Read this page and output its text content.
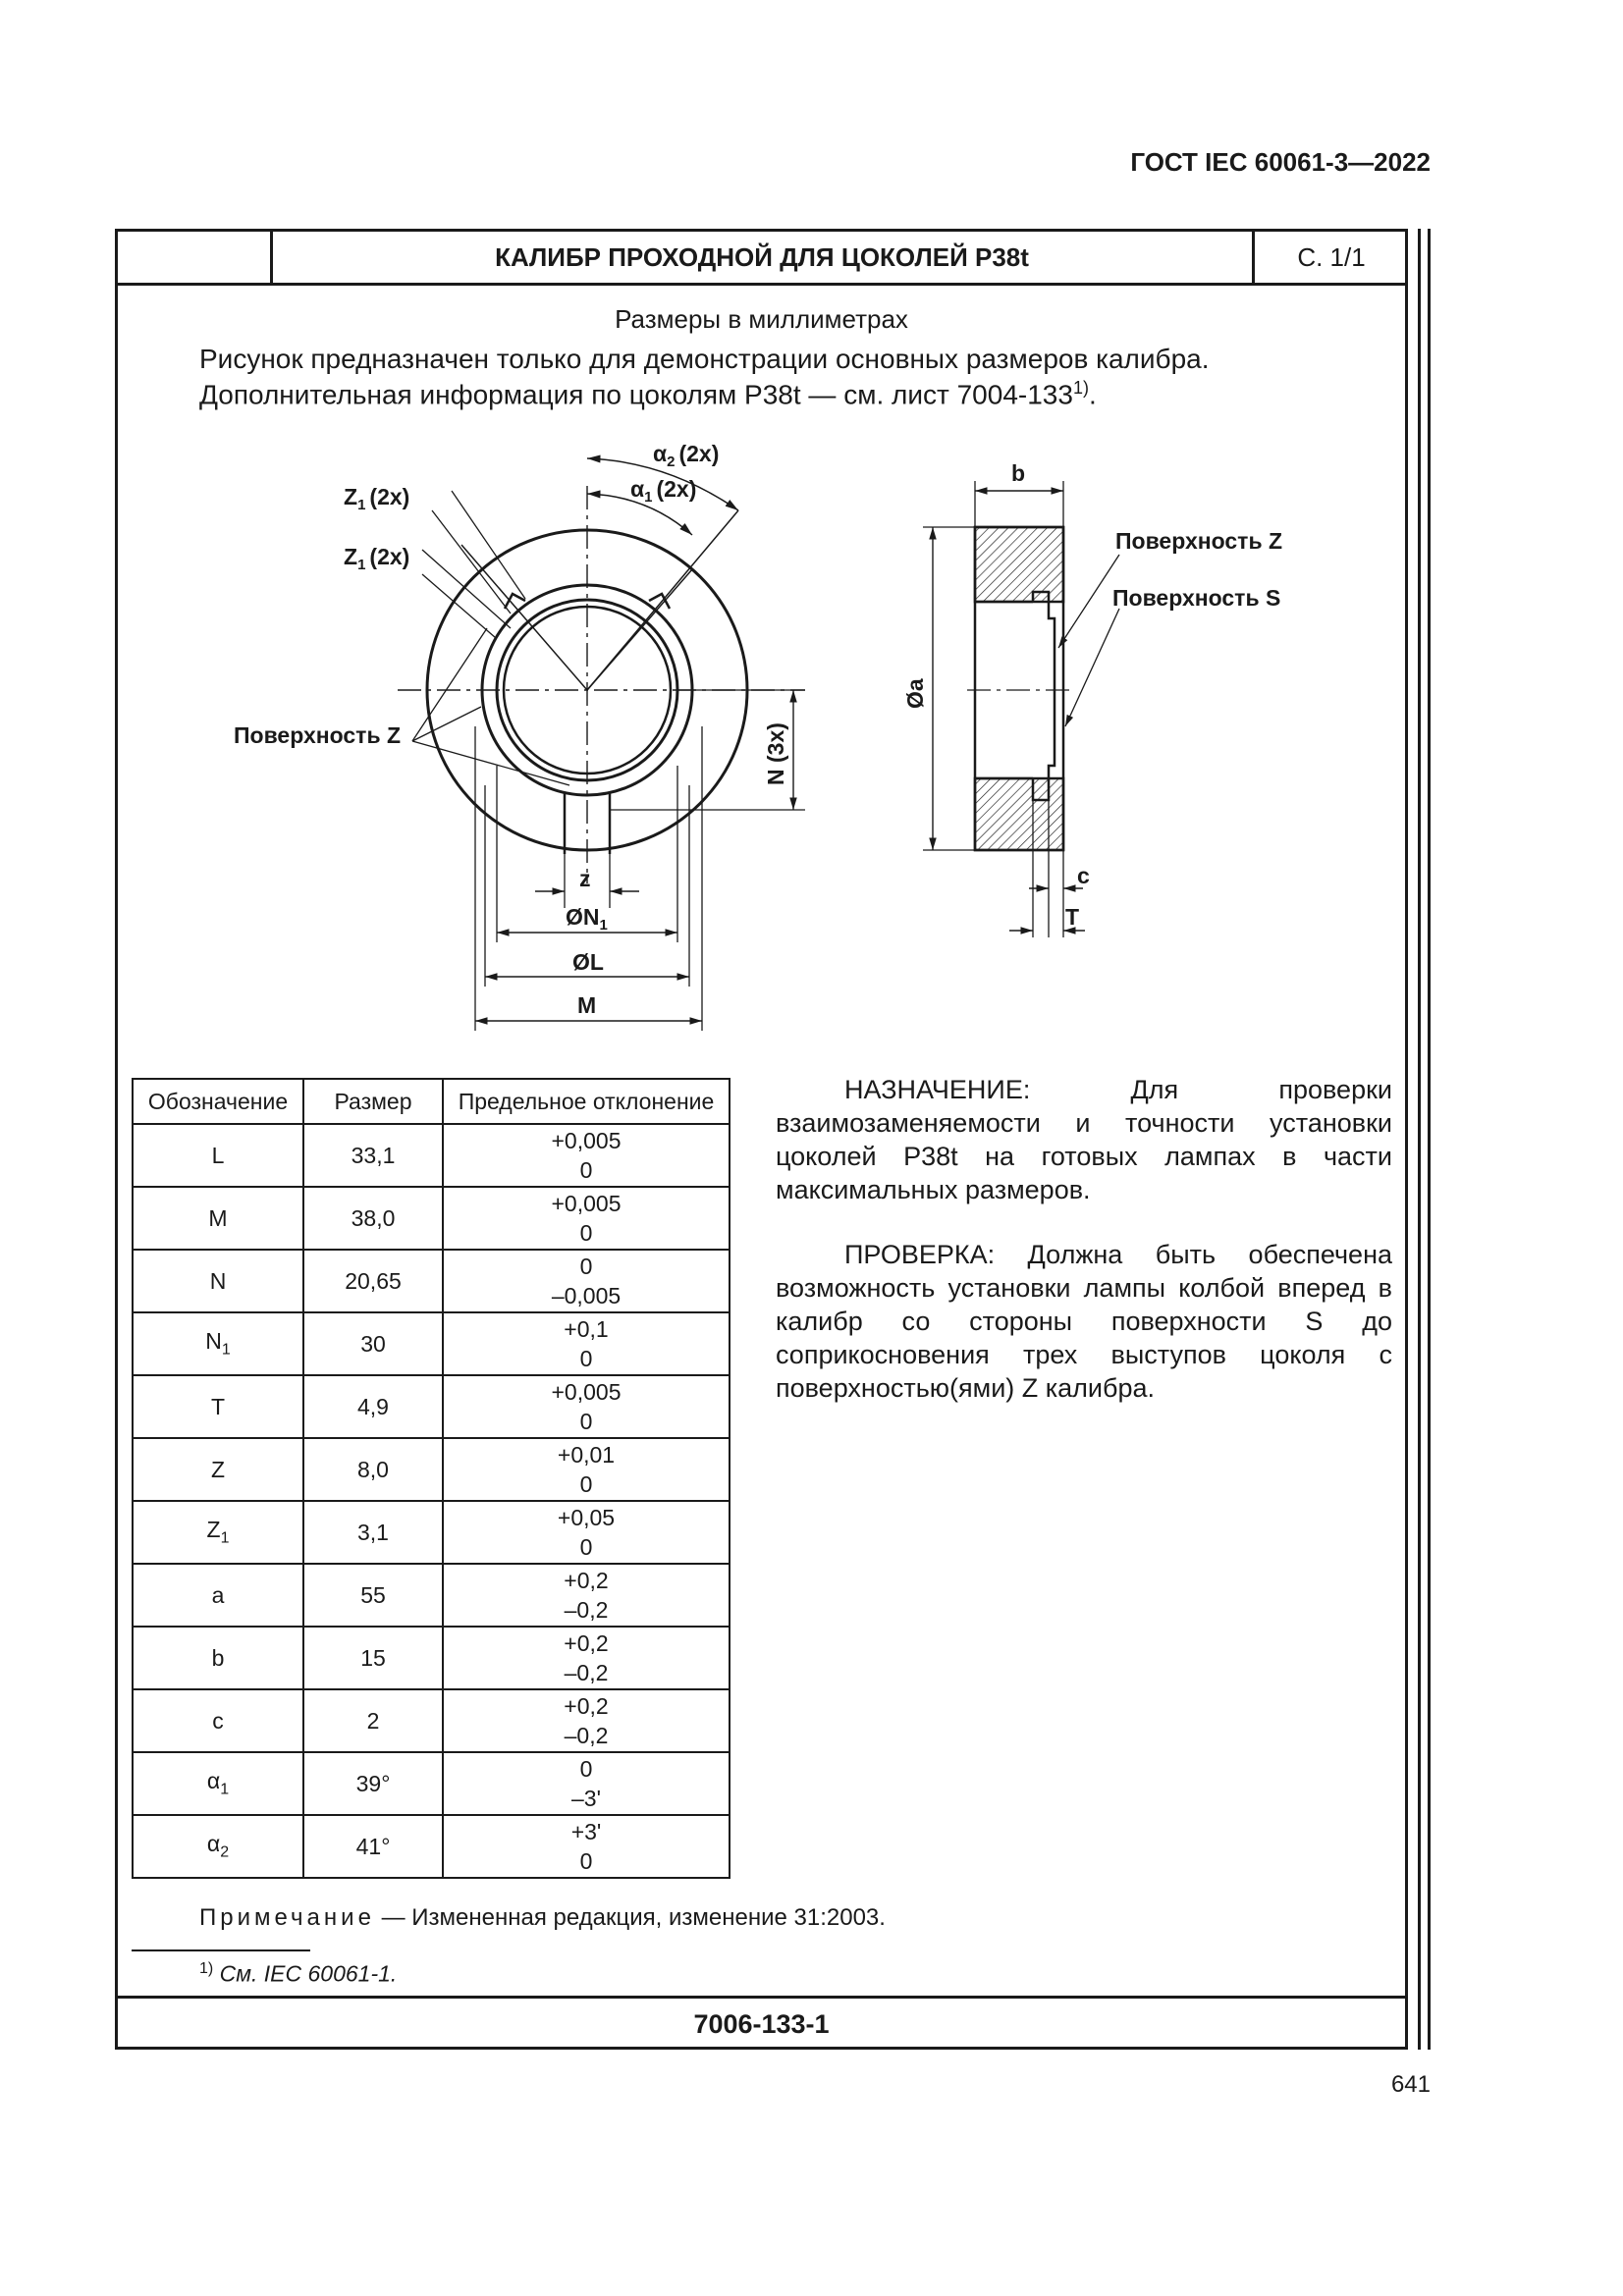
ГОСТ IEC 60061-3—2022
КАЛИБР ПРОХОДНОЙ ДЛЯ ЦОКОЛЕЙ P38t	С. 1/1
Размеры в миллиметрах
Рисунок предназначен только для демонстрации основных размеров калибра.
Дополнительная информация по цоколям P38t — см. лист 7004-133$^{1)}$.
$\alpha_2$ (2x)
$\alpha_1$ (2x)
$Z_1$ (2x)
$Z_1$ (2x)
Поверхность Z	N (3x)
z
$ØN_1$
ØL
M
b
Øa
c
T
Поверхность Z
Поверхность S
Обозначение	Размер	Предельное отклонение
L	33,1	+0,005
0

M	38,0	+0,005
0

N	20,65	0
–0,005

$N_1$	30	+0,1
0

T	4,9	+0,005
0

Z	8,0	+0,01
0

$Z_1$	3,1	+0,05
0

a	55	+0,2
–0,2

b	15	+0,2
–0,2

c	2	+0,2
–0,2

$\alpha_1$	39°	0
–3'

$\alpha_2$	41°	+3'
0

НАЗНАЧЕНИЕ: Для проверки взаимозаменяемости и точности установки цоколей P38t на готовых лампах в части максимальных размеров.

ПРОВЕРКА: Должна быть обеспечена возможность установки лампы колбой вперед в калибр со стороны поверхности S до соприкосновения трех выступов цоколя с поверхностью(ями) Z калибра.

Примечание — Измененная редакция, изменение 31:2003.
$^{1)}$ См. IEC 60061-1.
7006-133-1
641
